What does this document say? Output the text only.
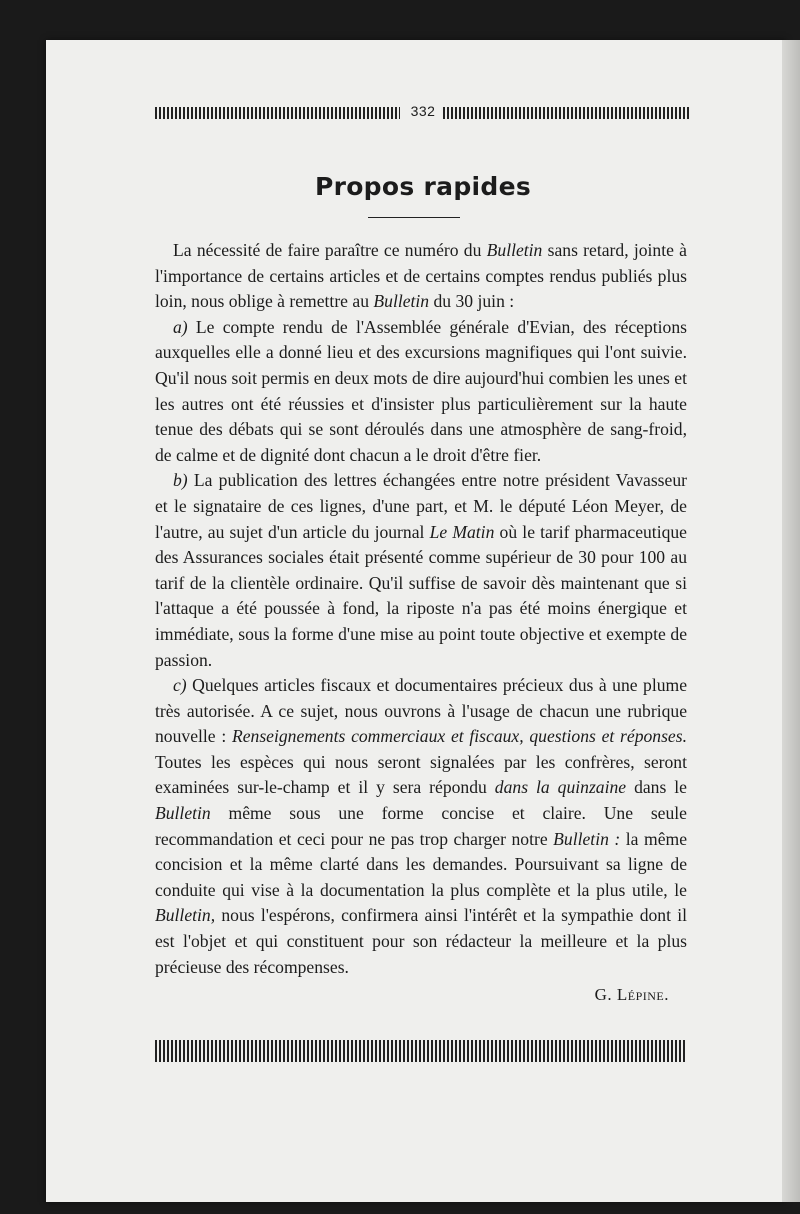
332
Propos rapides

La nécessité de faire paraître ce numéro du Bulletin sans retard, jointe à l'importance de certains articles et de certains comptes rendus publiés plus loin, nous oblige à remettre au Bulletin du 30 juin :

a) Le compte rendu de l'Assemblée générale d'Evian, des réceptions auxquelles elle a donné lieu et des excursions magnifiques qui l'ont suivie. Qu'il nous soit permis en deux mots de dire aujourd'hui combien les unes et les autres ont été réussies et d'insister plus particulièrement sur la haute tenue des débats qui se sont déroulés dans une atmosphère de sang-froid, de calme et de dignité dont chacun a le droit d'être fier.

b) La publication des lettres échangées entre notre président Vavasseur et le signataire de ces lignes, d'une part, et M. le député Léon Meyer, de l'autre, au sujet d'un article du journal Le Matin où le tarif pharmaceutique des Assurances sociales était présenté comme supérieur de 30 pour 100 au tarif de la clientèle ordinaire. Qu'il suffise de savoir dès maintenant que si l'attaque a été poussée à fond, la riposte n'a pas été moins énergique et immédiate, sous la forme d'une mise au point toute objective et exempte de passion.

c) Quelques articles fiscaux et documentaires précieux dus à une plume très autorisée. A ce sujet, nous ouvrons à l'usage de chacun une rubrique nouvelle : Renseignements commerciaux et fiscaux, questions et réponses. Toutes les espèces qui nous seront signalées par les confrères, seront examinées sur-le-champ et il y sera répondu dans la quinzaine dans le Bulletin même sous une forme concise et claire. Une seule recommandation et ceci pour ne pas trop charger notre Bulletin : la même concision et la même clarté dans les demandes. Poursuivant sa ligne de conduite qui vise à la documentation la plus complète et la plus utile, le Bulletin, nous l'espérons, confirmera ainsi l'intérêt et la sympathie dont il est l'objet et qui constituent pour son rédacteur la meilleure et la plus précieuse des récompenses.

G. Lépine.
